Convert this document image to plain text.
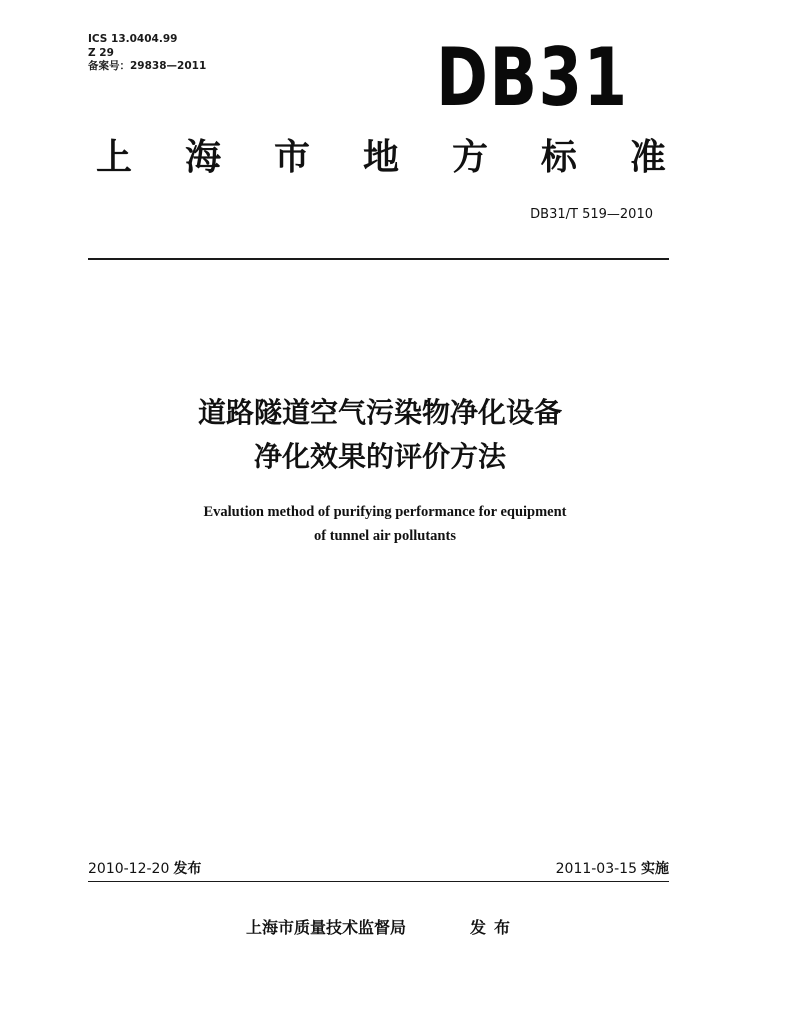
ICS 13.0404.99
Z 29
备案号：29838—2011	DB31
上 海 市 地 方 标 准
DB31/T 519—2010
道路隧道空气污染物净化设备
净化效果的评价方法
Evalution method of purifying performance for equipment
of tunnel air pollutants
2010-12-20 发布	2011-03-15 实施
上海市质量技术监督局	发布
